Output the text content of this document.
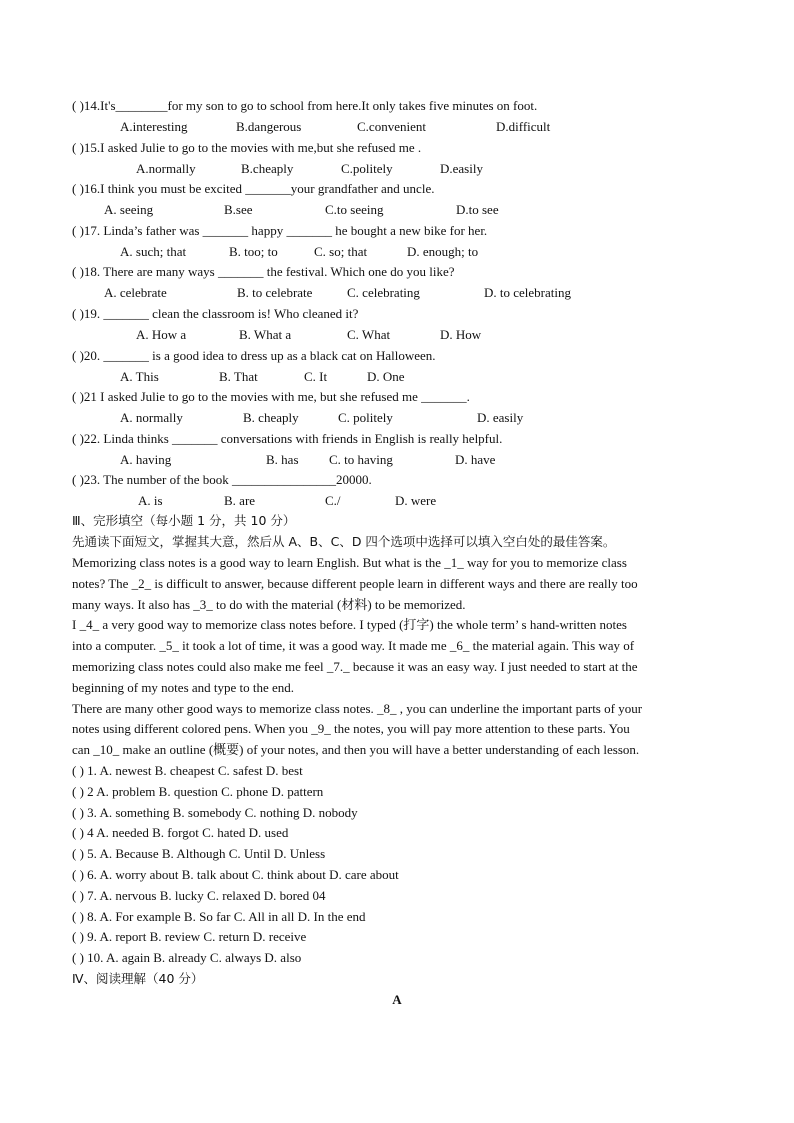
( )14.It's________for my son to go to school from here.It only takes five minutes on foot.
A.interesting	B.dangerous	C.convenient	D.difficult
( )15.I asked Julie to go to the movies with me,but she refused me .
A.normally	B.cheaply	C.politely	D.easily
( )16.I think you must be excited _______your grandfather and uncle.
A. seeing	B.see	C.to seeing	D.to see
( )17. Linda’s father was _______ happy _______ he bought a new bike for her.
A. such; that	B. too; to	C. so; that	D. enough; to
( )18. There are many ways _______ the festival. Which one do you like?
A. celebrate	B. to celebrate	C. celebrating	D. to celebrating
( )19. _______ clean the classroom is! Who cleaned it?
A. How a	B. What a	C. What	D. How
( )20. _______ is a good idea to dress up as a black cat on Halloween.
A. This	B. That	C. It	D. One
( )21 I asked Julie to go to the movies with me, but she refused me _______.
A. normally	B. cheaply	C. politely	D. easily
( )22. Linda thinks _______ conversations with friends in English is really helpful.
A. having	B. has C. to having	D. have
( )23. The number of the book ________________20000.
A. is	B. are	C./	D. were
Ⅲ、完形填空（每小题 1 分，共 10 分）
先通读下面短文，掌握其大意，然后从 A、B、C、D 四个选项中选择可以填入空白处的最佳答案。
Memorizing class notes is a good way to learn English. But what is the _1_ way for you to memorize class
notes? The _2_ is difficult to answer, because different people learn in different ways and there are really too
many ways. It also has _3_ to do with the material (材料) to be memorized.
I _4_ a very good way to memorize class notes before. I typed (打字) the whole term’ s hand-written notes
into a computer. _5_ it took a lot of time, it was a good way. It made me _6_ the material again. This way of
memorizing class notes could also make me feel _7._ because it was an easy way. I just needed to start at the
beginning of my notes and type to the end.
There are many other good ways to memorize class notes. _8_ , you can underline the important parts of your
notes using different colored pens. When you _9_ the notes, you will pay more attention to these parts. You
can _10_ make an outline (概要) of your notes, and then you will have a better understanding of each lesson.
( ) 1. A. newest B. cheapest C. safest D. best
( ) 2 A. problem B. question C. phone D. pattern
( ) 3. A. something B. somebody C. nothing D. nobody
( ) 4 A. needed B. forgot C. hated D. used
( ) 5. A. Because B. Although C. Until D. Unless
( ) 6. A. worry about B. talk about C. think about D. care about
( ) 7. A. nervous B. lucky C. relaxed D. bored 04
( ) 8. A. For example B. So far C. All in all D. In the end
( ) 9. A. report B. review C. return D. receive
( ) 10. A. again B. already C. always D. also
Ⅳ、阅读理解（40 分）
A
